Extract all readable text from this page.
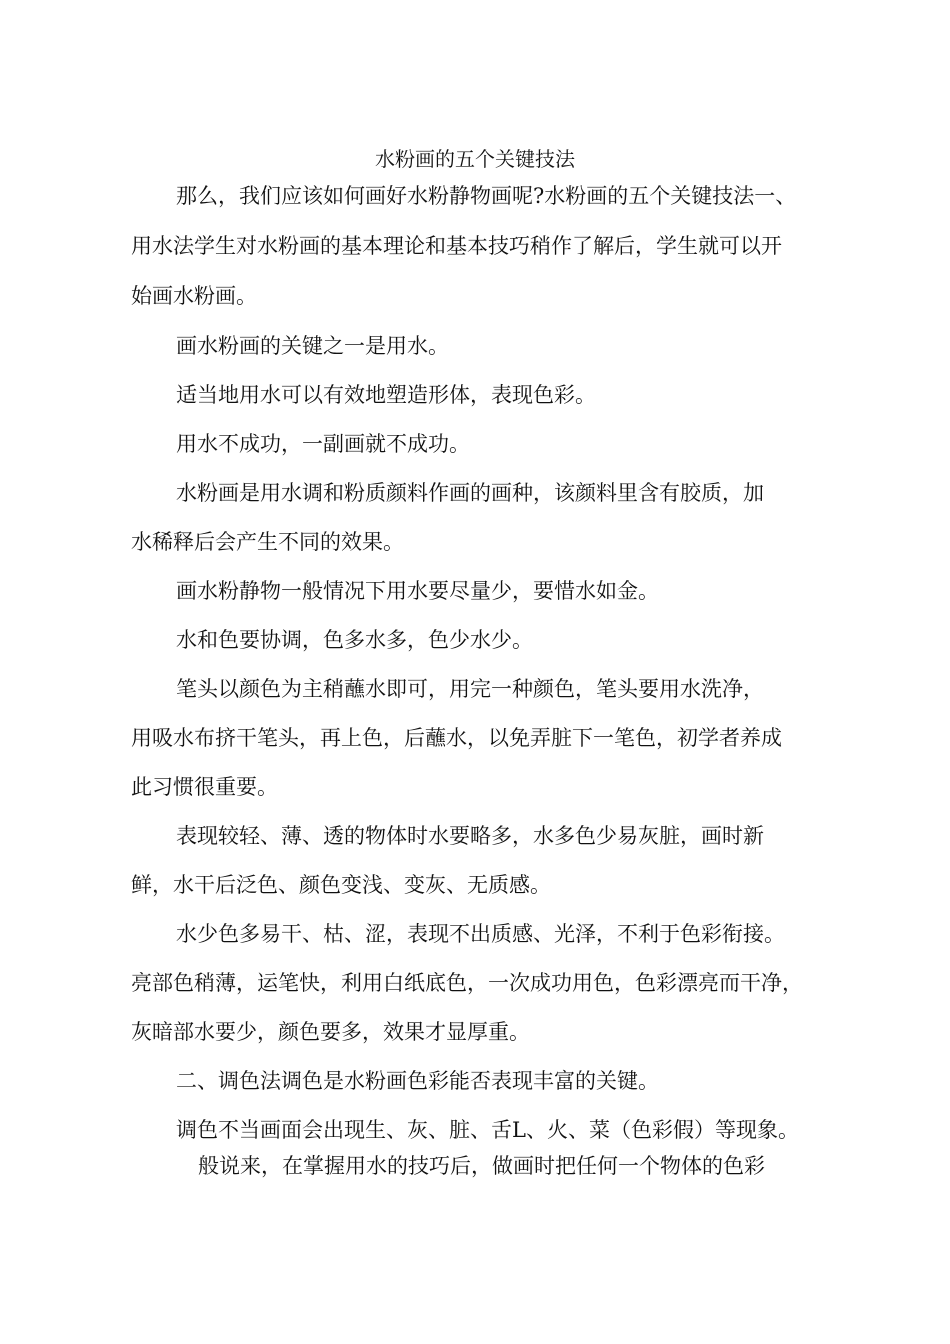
水粉画的五个关键技法

那么，我们应该如何画好水粉静物画呢?水粉画的五个关键技法一、

用水法学生对水粉画的基本理论和基本技巧稍作了解后，学生就可以开

始画水粉画。

画水粉画的关键之一是用水。

适当地用水可以有效地塑造形体，表现色彩。

用水不成功，一副画就不成功。

水粉画是用水调和粉质颜料作画的画种，该颜料里含有胶质，加

水稀释后会产生不同的效果。

画水粉静物一般情况下用水要尽量少，要惜水如金。

水和色要协调，色多水多，色少水少。

笔头以颜色为主稍蘸水即可，用完一种颜色，笔头要用水洗净，

用吸水布挤干笔头，再上色，后蘸水，以免弄脏下一笔色，初学者养成

此习惯很重要。

表现较轻、薄、透的物体时水要略多，水多色少易灰脏，画时新

鲜，水干后泛色、颜色变浅、变灰、无质感。

水少色多易干、枯、涩，表现不出质感、光泽，不利于色彩衔接。

亮部色稍薄，运笔快，利用白纸底色，一次成功用色，色彩漂亮而干净，

灰暗部水要少，颜色要多，效果才显厚重。

二、调色法调色是水粉画色彩能否表现丰富的关键。

调色不当画面会出现生、灰、脏、舌L、火、菜（色彩假）等现象。

般说来，在掌握用水的技巧后，做画时把任何一个物体的色彩
